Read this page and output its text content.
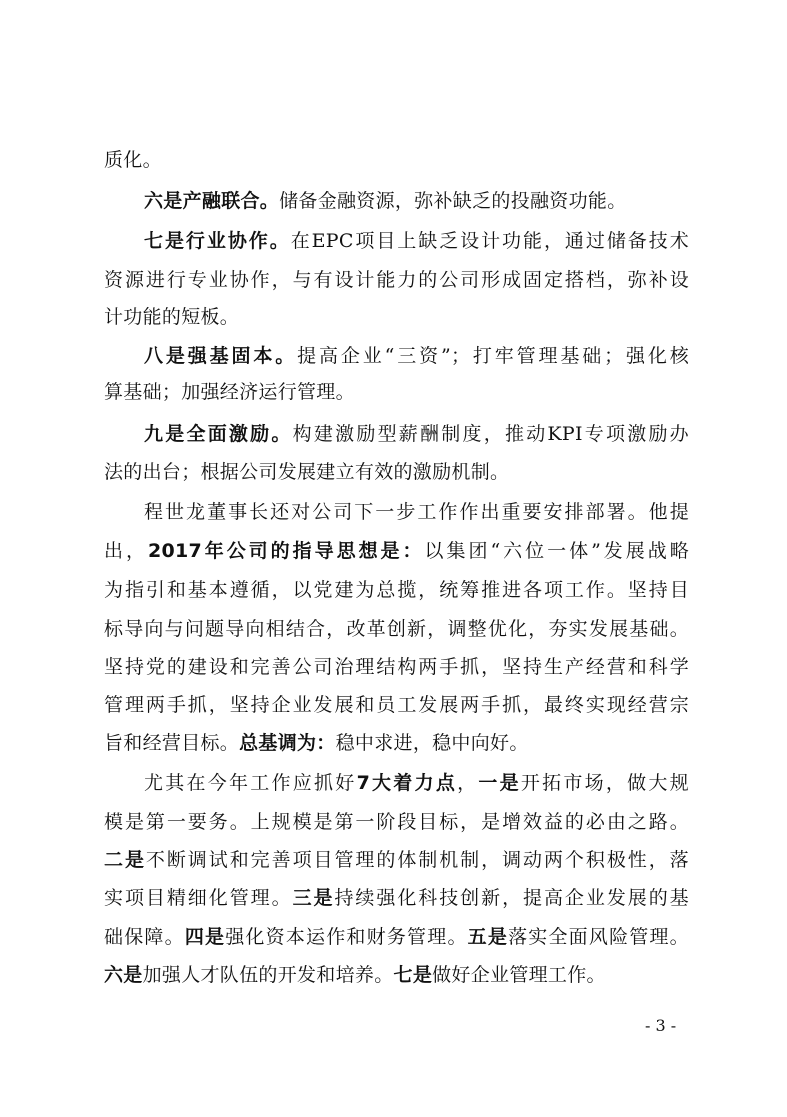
质化。
六是产融联合。储备金融资源，弥补缺乏的投融资功能。
七是行业协作。在EPC项目上缺乏设计功能，通过储备技术
资源进行专业协作，与有设计能力的公司形成固定搭档，弥补设
计功能的短板。
八是强基固本。提高企业“三资”；打牢管理基础；强化核
算基础；加强经济运行管理。
九是全面激励。构建激励型薪酬制度，推动KPI专项激励办
法的出台；根据公司发展建立有效的激励机制。
程世龙董事长还对公司下一步工作作出重要安排部署。他提
出，2017年公司的指导思想是：以集团“六位一体”发展战略
为指引和基本遵循，以党建为总揽，统筹推进各项工作。坚持目
标导向与问题导向相结合，改革创新，调整优化，夯实发展基础。
坚持党的建设和完善公司治理结构两手抓，坚持生产经营和科学
管理两手抓，坚持企业发展和员工发展两手抓，最终实现经营宗
旨和经营目标。总基调为：稳中求进，稳中向好。
尤其在今年工作应抓好7大着力点，一是开拓市场，做大规
模是第一要务。上规模是第一阶段目标，是增效益的必由之路。
二是不断调试和完善项目管理的体制机制，调动两个积极性，落
实项目精细化管理。三是持续强化科技创新，提高企业发展的基
础保障。四是强化资本运作和财务管理。五是落实全面风险管理。
六是加强人才队伍的开发和培养。七是做好企业管理工作。
- 3 -
